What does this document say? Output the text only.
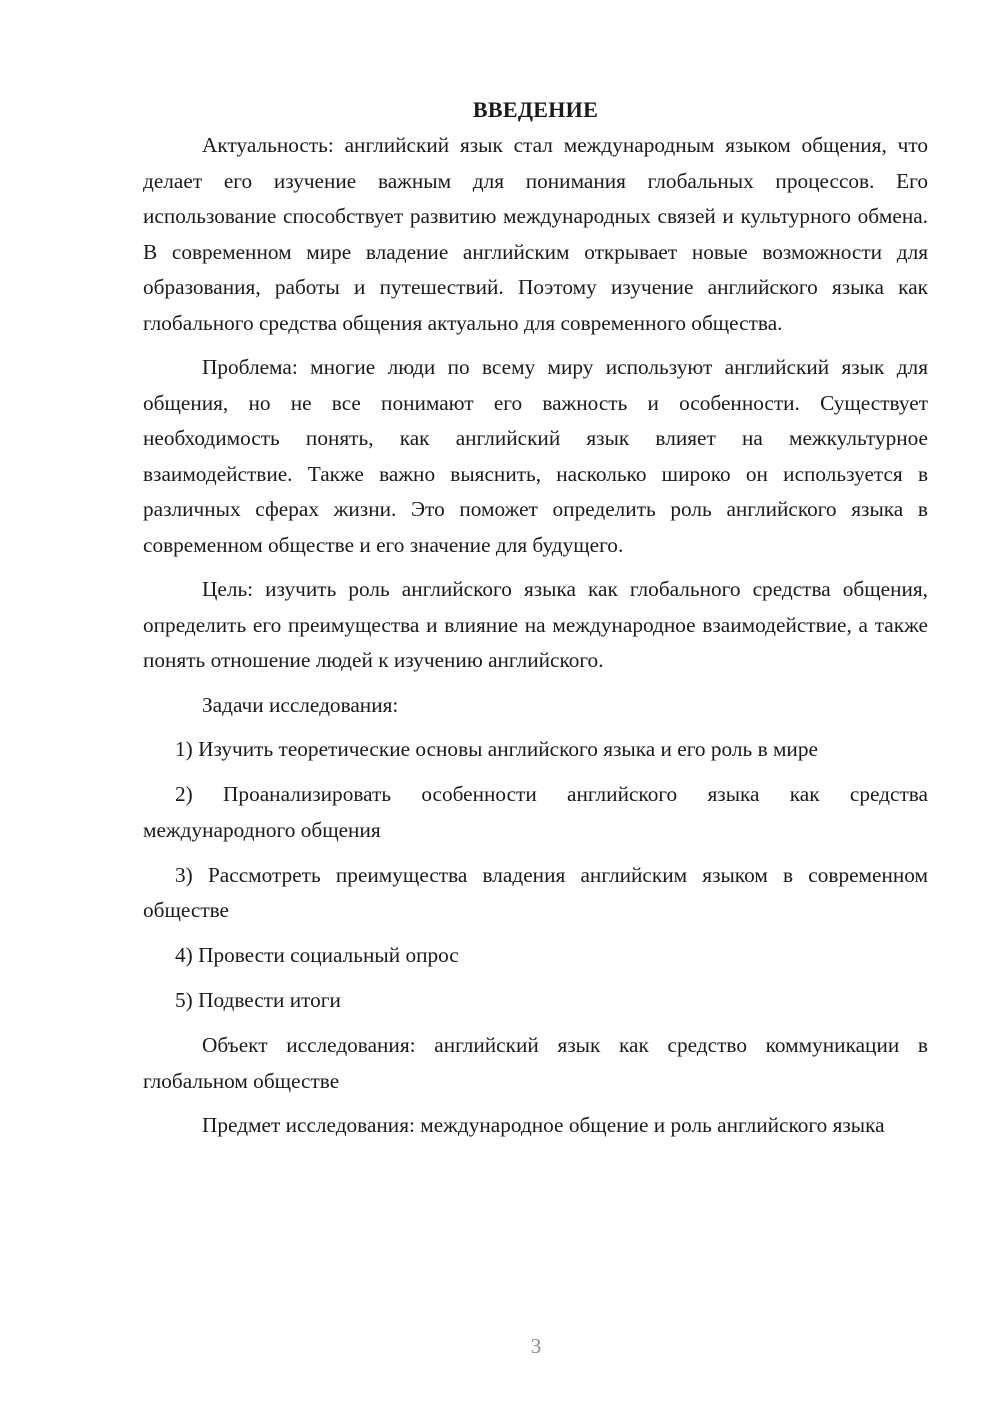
ВВЕДЕНИЕ

Актуальность: английский язык стал международным языком общения, что делает его изучение важным для понимания глобальных процессов. Его использование способствует развитию международных связей и культурного обмена. В современном мире владение английским открывает новые возможности для образования, работы и путешествий. Поэтому изучение английского языка как глобального средства общения актуально для современного общества.

Проблема: многие люди по всему миру используют английский язык для общения, но не все понимают его важность и особенности. Существует необходимость понять, как английский язык влияет на межкультурное взаимодействие. Также важно выяснить, насколько широко он используется в различных сферах жизни. Это поможет определить роль английского языка в современном обществе и его значение для будущего.

Цель: изучить роль английского языка как глобального средства общения, определить его преимущества и влияние на международное взаимодействие, а также понять отношение людей к изучению английского.

Задачи исследования:

1) Изучить теоретические основы английского языка и его роль в мире

2) Проанализировать особенности английского языка как средства международного общения

3) Рассмотреть преимущества владения английским языком в современном обществе

4) Провести социальный опрос

5) Подвести итоги

Объект исследования: английский язык как средство коммуникации в глобальном обществе

Предмет исследования: международное общение и роль английского языка

3
